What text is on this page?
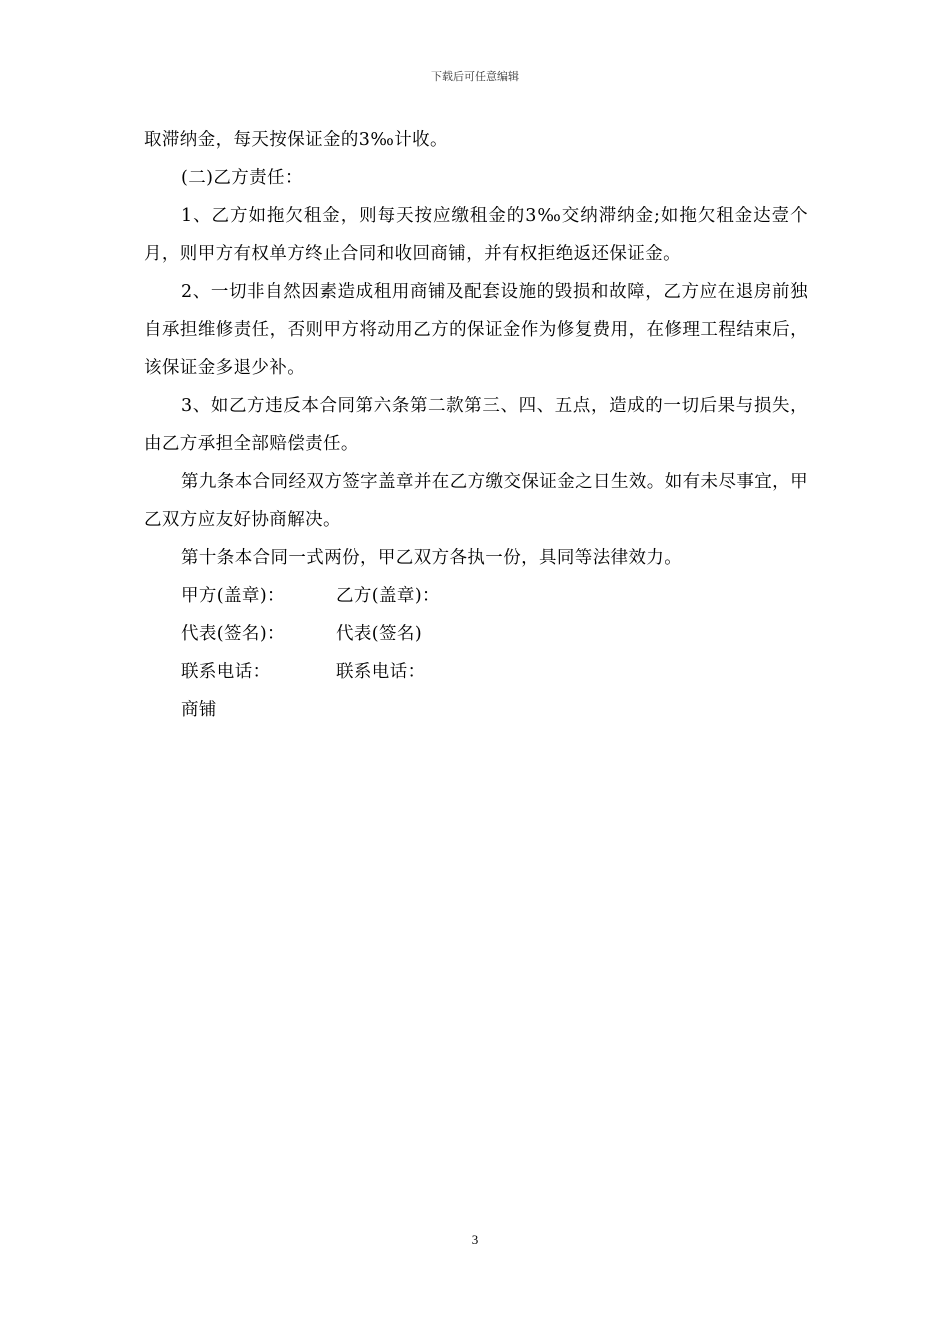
下载后可任意编辑

取滞纳金，每天按保证金的3‰计收。

(二)乙方责任：

1、乙方如拖欠租金，则每天按应缴租金的3‰交纳滞纳金;如拖欠租金达壹个月，则甲方有权单方终止合同和收回商铺，并有权拒绝返还保证金。

2、一切非自然因素造成租用商铺及配套设施的毁损和故障，乙方应在退房前独自承担维修责任，否则甲方将动用乙方的保证金作为修复费用，在修理工程结束后，该保证金多退少补。

3、如乙方违反本合同第六条第二款第三、四、五点，造成的一切后果与损失，由乙方承担全部赔偿责任。

第九条本合同经双方签字盖章并在乙方缴交保证金之日生效。如有未尽事宜，甲乙双方应友好协商解决。

第十条本合同一式两份，甲乙双方各执一份，具同等法律效力。

甲方(盖章)：	乙方(盖章)：
代表(签名)：	代表(签名)
联系电话：	联系电话：
商铺
3
